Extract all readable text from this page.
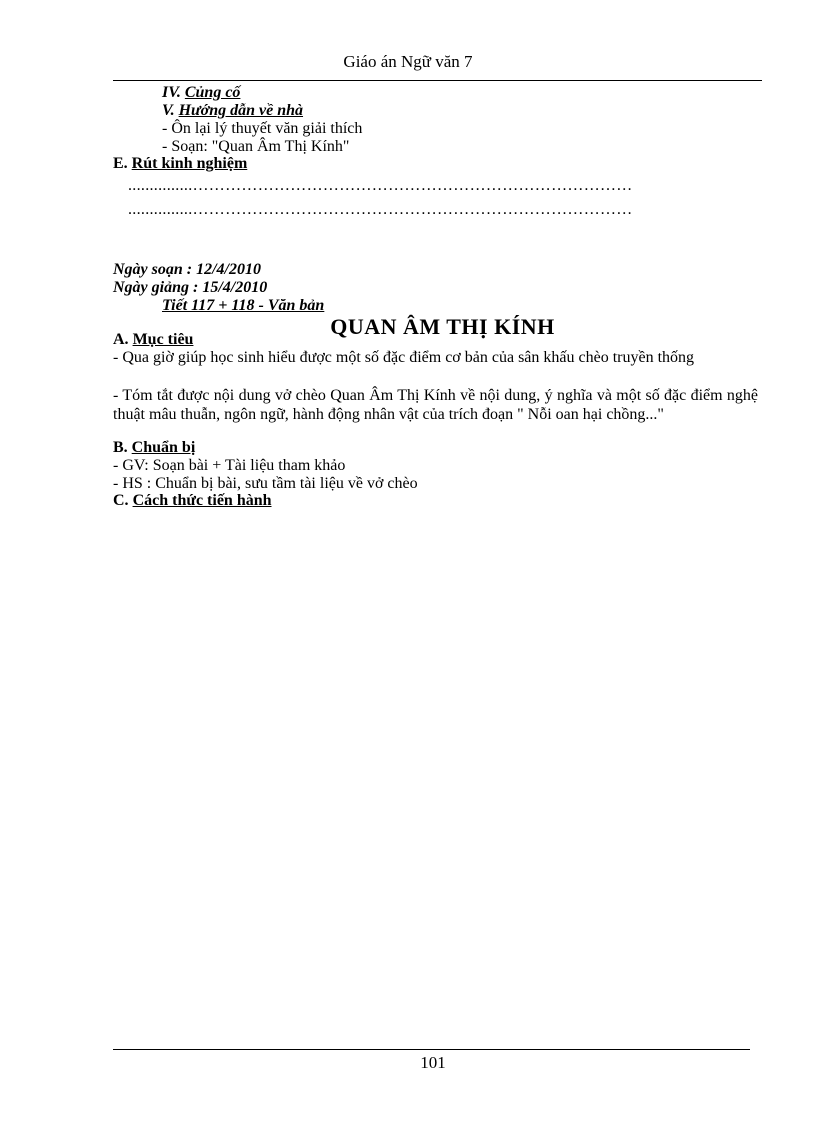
Giáo án Ngữ văn 7
IV. Củng cố
V. Hướng dẫn về nhà
- Ôn lại lý thuyết văn giải thích
- Soạn: "Quan Âm Thị Kính"
E. Rút kinh nghiệm
...............………………………………………………………………………
...............………………………………………………………………………
Ngày soạn : 12/4/2010
Ngày giảng : 15/4/2010
Tiết 117 + 118 - Văn bản
QUAN ÂM THỊ KÍNH
A. Mục tiêu
- Qua giờ giúp học sinh hiểu được một số đặc điểm cơ bản của sân khấu chèo truyền thống
- Tóm tắt được nội dung vở chèo Quan Âm Thị Kính về nội dung, ý nghĩa và một số đặc điểm nghệ thuật mâu thuẫn, ngôn ngữ, hành động nhân vật của trích đoạn " Nỗi oan hại chồng..."
B. Chuẩn bị
- GV: Soạn bài + Tài liệu tham khảo
- HS : Chuẩn bị bài, sưu tầm tài liệu về vở chèo
C. Cách thức tiến hành
101
